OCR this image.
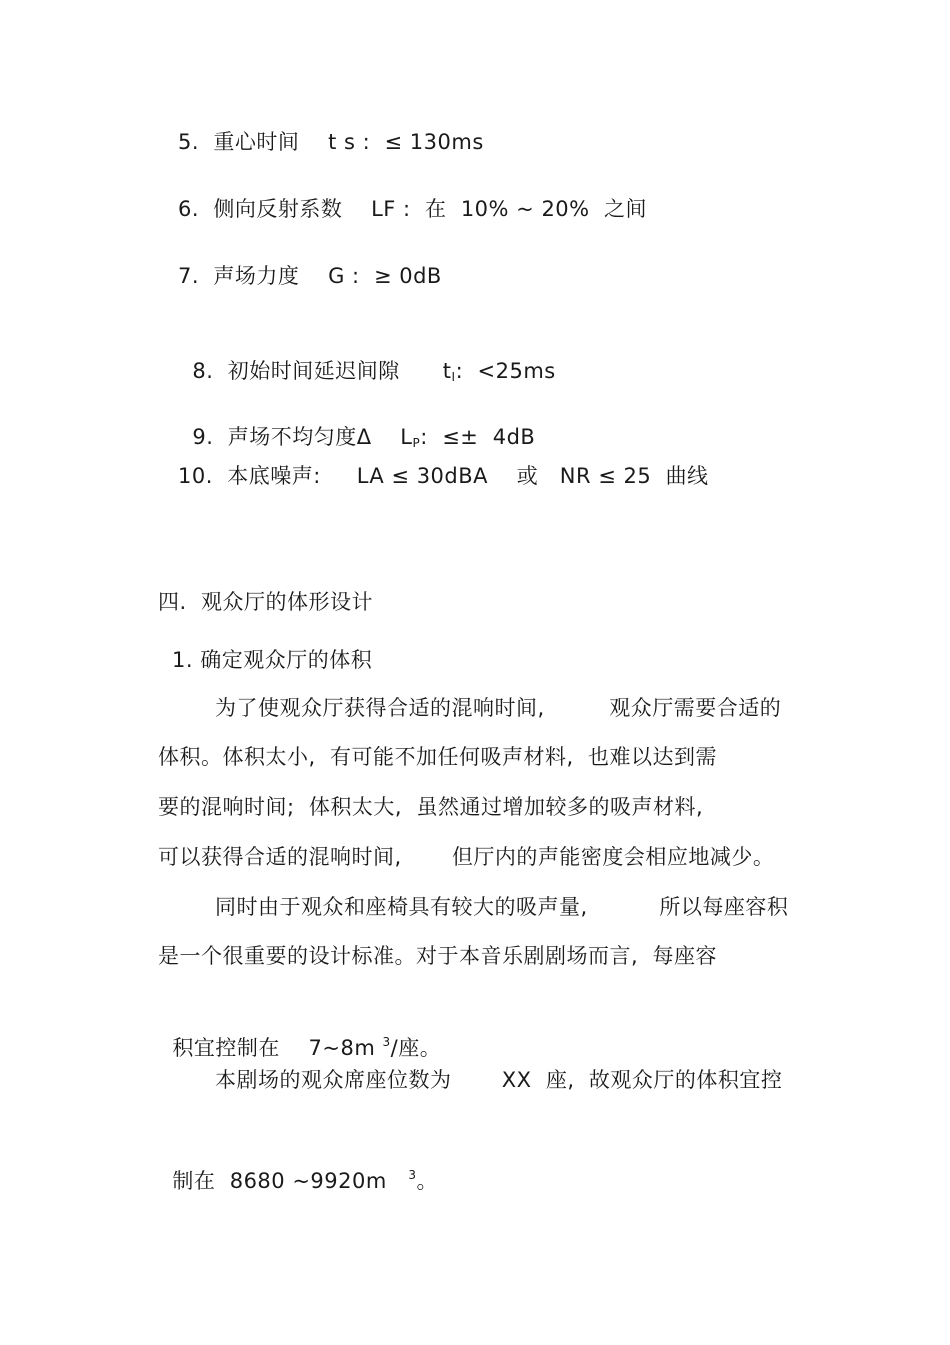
5.  重心时间    t s :  ≤ 130ms
6.  侧向反射系数    LF :  在  10% ~ 20%  之间
7.  声场力度    G :  ≥ 0dB

8.  初始时间延迟间隙      $t_I$:  <25ms

9.  声场不均匀度Δ    $L_P$:  ≤±  4dB

10.  本底噪声:     LA ≤ 30dBA    或   NR ≤ 25  曲线
四.  观众厅的体形设计
1. 确定观众厅的体积
为了使观众厅获得合适的混响时间,         观众厅需要合适的
体积。体积太小,  有可能不加任何吸声材料,  也难以达到需
要的混响时间;  体积太大,  虽然通过增加较多的吸声材料,
可以获得合适的混响时间,       但厅内的声能密度会相应地减少。
同时由于观众和座椅具有较大的吸声量,          所以每座容积
是一个很重要的设计标准。对于本音乐剧剧场而言,  每座容

积宜控制在    7~8m $^3$/座。

本剧场的观众席座位数为       XX  座,  故观众厅的体积宜控

制在  8680 ~9920m   $^3$。
